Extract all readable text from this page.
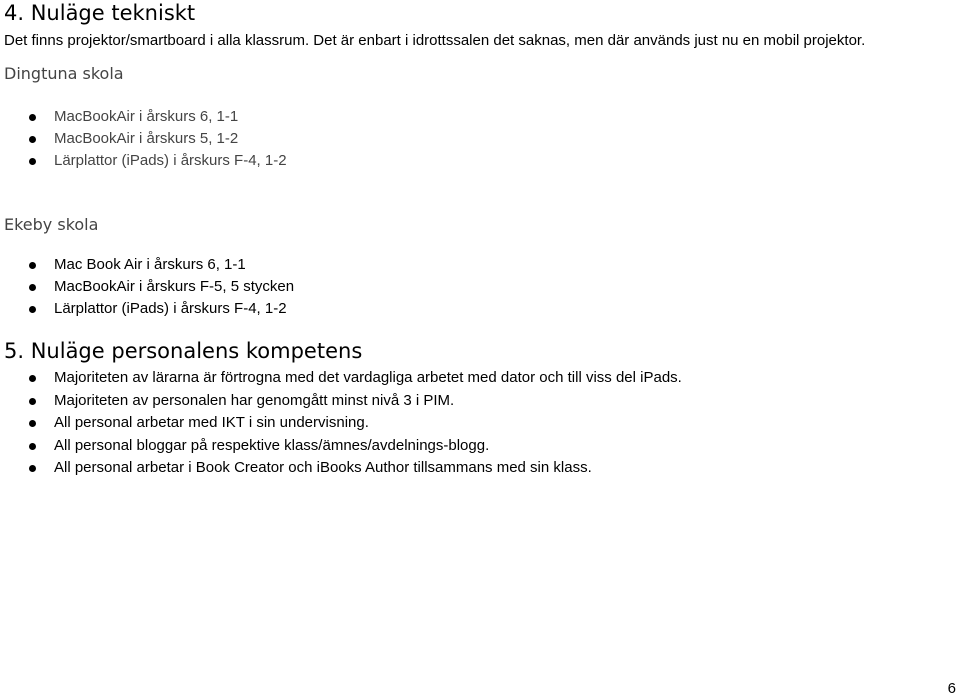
4. Nuläge tekniskt

Det finns projektor/smartboard i alla klassrum. Det är enbart i idrottssalen det saknas, men där används just nu en mobil projektor.

Dingtuna skola
MacBookAir i årskurs 6, 1-1
MacBookAir i årskurs 5, 1-2
Lärplattor (iPads) i årskurs F-4, 1-2
Ekeby skola
Mac Book Air i årskurs 6, 1-1
MacBookAir i årskurs F-5, 5 stycken
Lärplattor (iPads) i årskurs F-4, 1-2
5. Nuläge personalens kompetens
Majoriteten av lärarna är förtrogna med det vardagliga arbetet med dator och till viss del iPads.
Majoriteten av personalen har genomgått minst nivå 3 i PIM.
All personal arbetar med IKT i sin undervisning.
All personal bloggar på respektive klass/ämnes/avdelnings-blogg.
All personal arbetar i Book Creator och iBooks Author tillsammans med sin klass.

6
